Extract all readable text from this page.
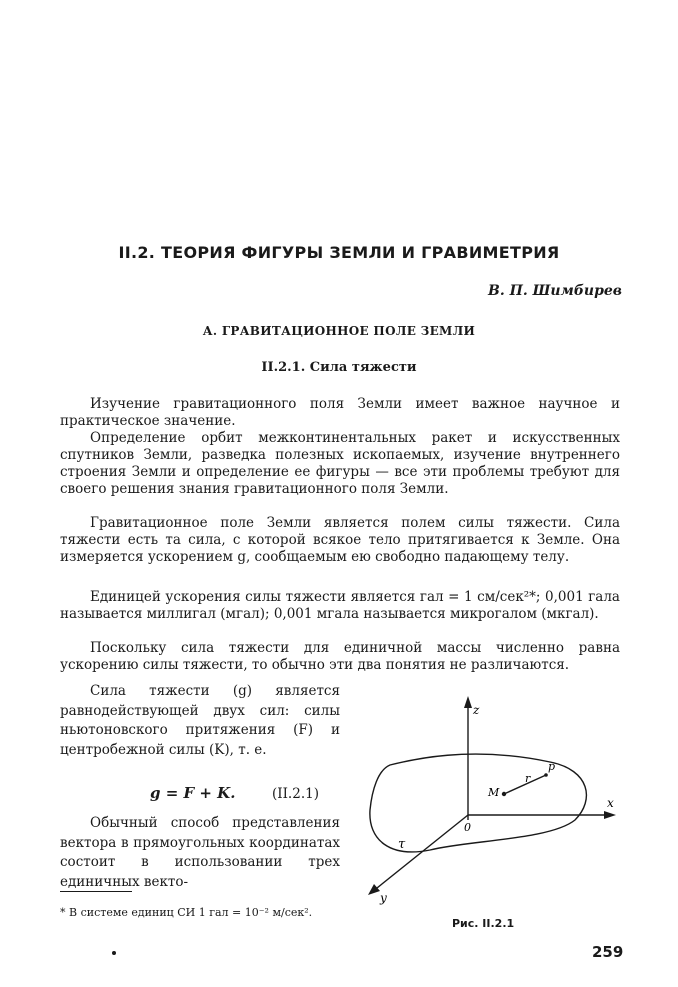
II.2. ТЕОРИЯ ФИГУРЫ ЗЕМЛИ И ГРАВИМЕТРИЯ
В. П. Шимбирев
А. ГРАВИТАЦИОННОЕ ПОЛЕ ЗЕМЛИ
II.2.1. Сила тяжести

Изучение гравитационного поля Земли имеет важное научное и практическое значение.

Определение орбит межконтинентальных ракет и искусственных спутников Земли, разведка полезных ископаемых, изучение внутреннего строения Земли и определение ее фигуры — все эти проблемы требуют для своего решения знания гравитационного поля Земли.

Гравитационное поле Земли является полем силы тяжести. Сила тяжести есть та сила, с которой всякое тело притягивается к Земле. Она измеряется ускорением g, сообщаемым ею свободно падающему телу.

Единицей ускорения силы тяжести является гал = 1 см/сек²*; 0,001 гала называется миллигал (мгал); 0,001 мгала называется микрогалом (мкгал).

Поскольку сила тяжести для единичной массы численно равна ускорению силы тяжести, то обычно эти два понятия не различаются.

Сила тяжести (g) является равнодействующей двух сил: силы ньютоновского притяжения (F) и центробежной силы (K), т. е.

g = F + K.	(II.2.1)

Обычный способ представления вектора в прямоугольных координатах состоит в использовании трех единичных векто-

* В системе единиц СИ 1 гал = 10⁻² м/сек².
z
x
y
0
M
p
r
τ
Рис. II.2.1
259
